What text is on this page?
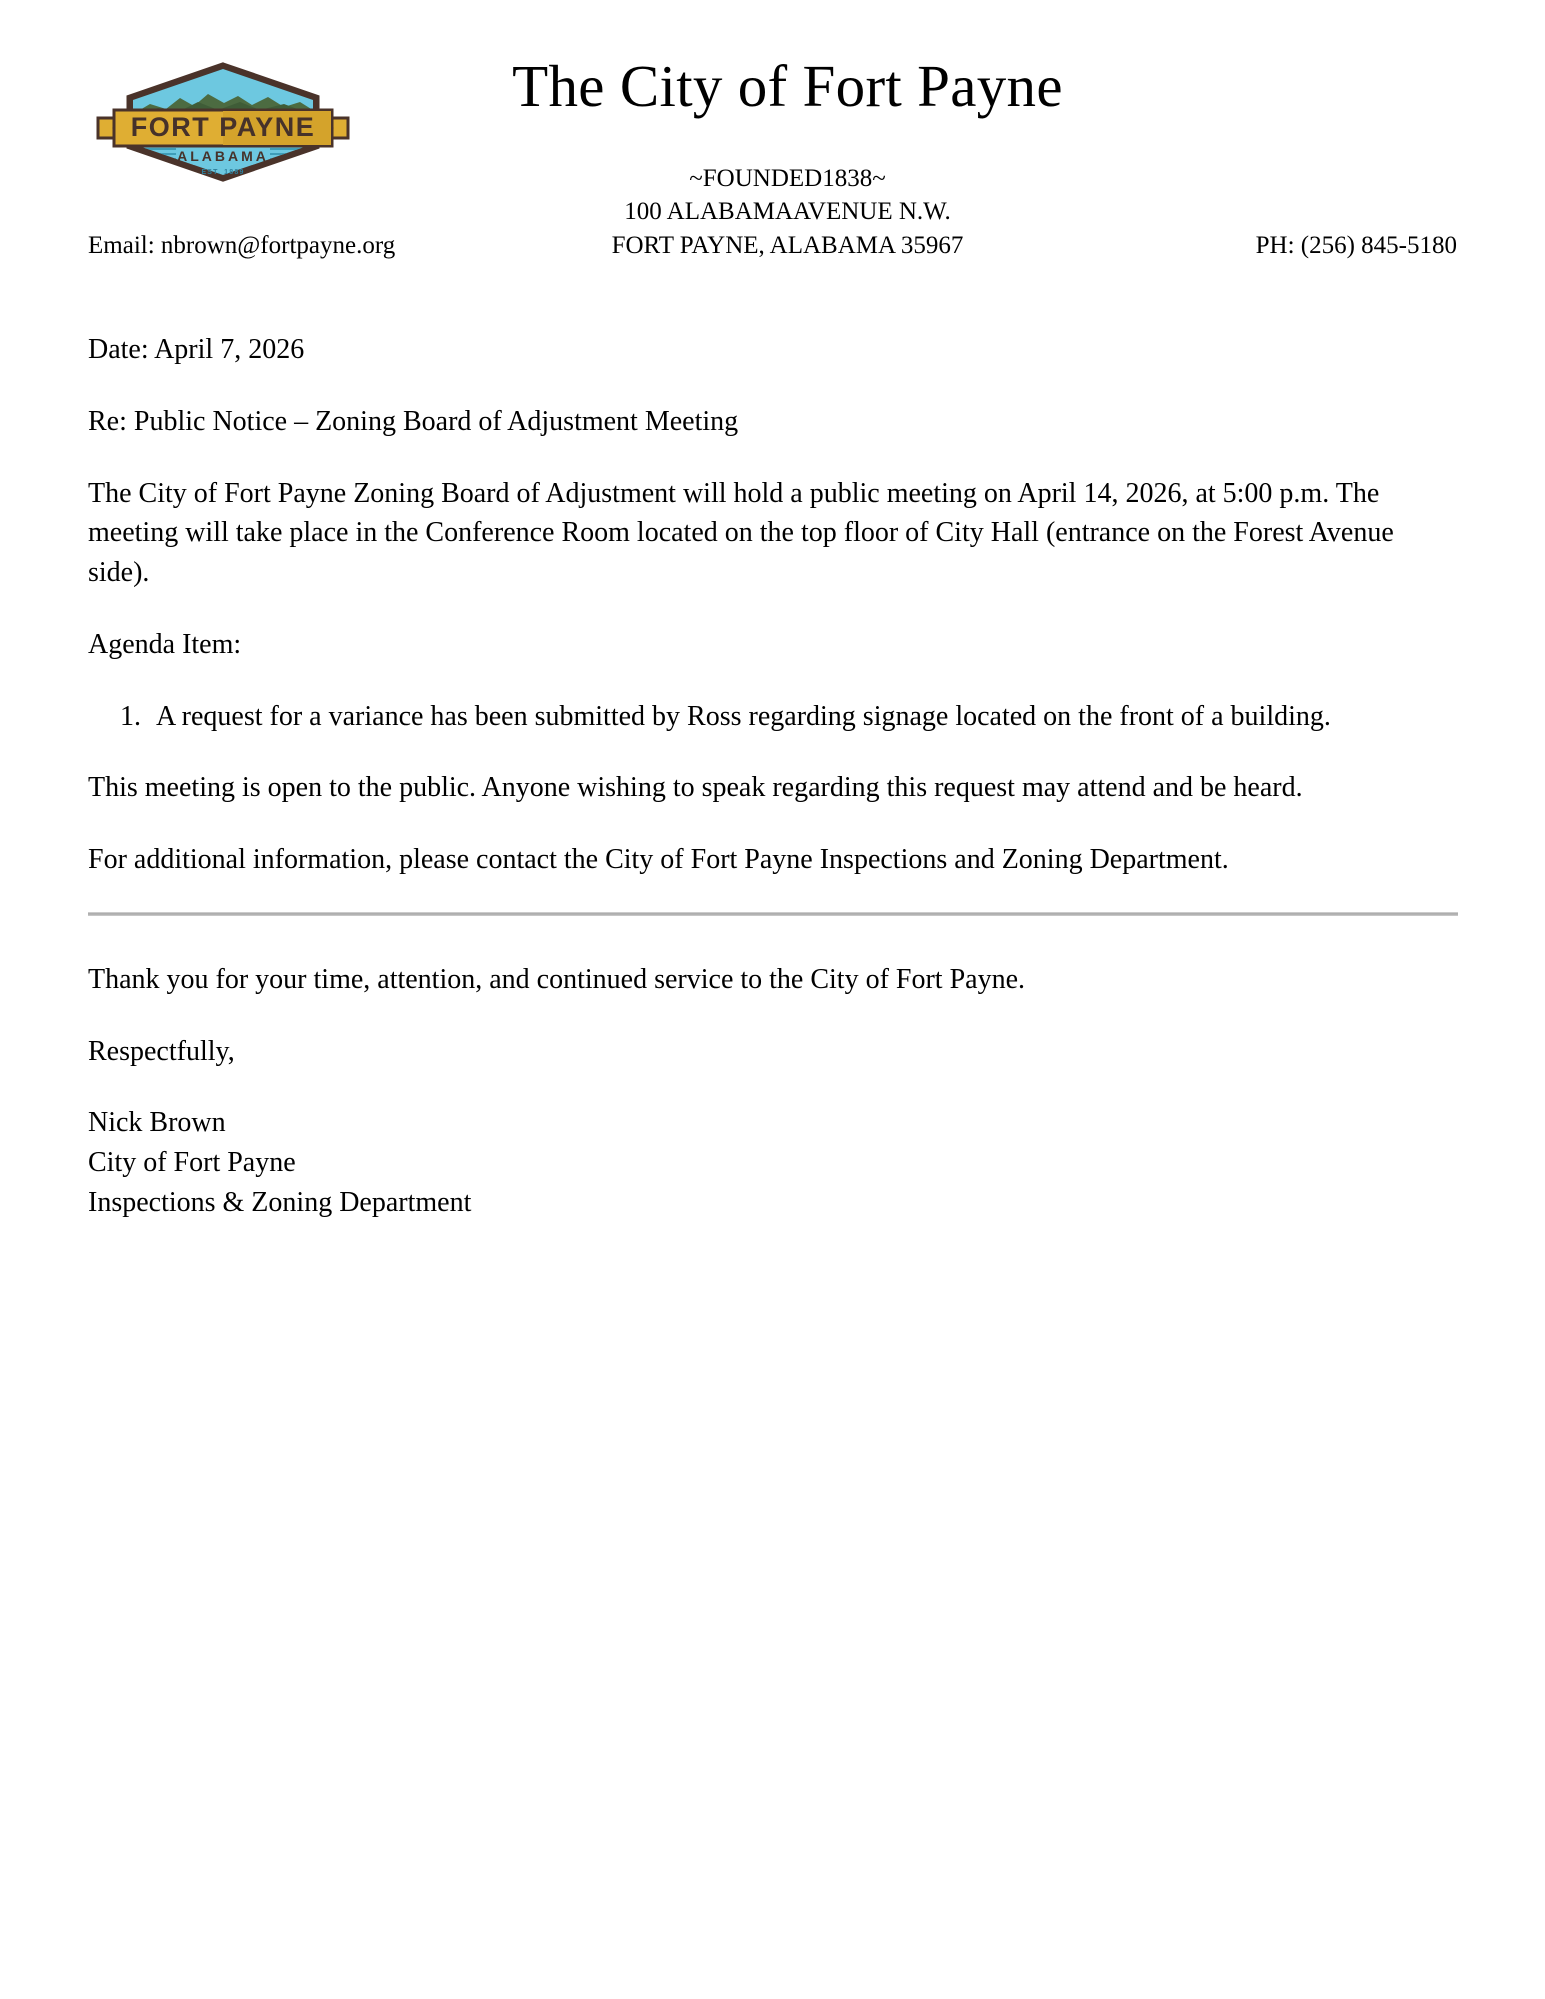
FORT PAYNE
ALABAMA
EST. 1889
The City of Fort Payne
~FOUNDED1838~
100 ALABAMAAVENUE N.W.
FORT PAYNE, ALABAMA 35967
Email: nbrown@fortpayne.org	PH: (256) 845-5180

Date: April 7, 2026

Re: Public Notice – Zoning Board of Adjustment Meeting

The City of Fort Payne Zoning Board of Adjustment will hold a public meeting on April 14, 2026, at 5:00 p.m. The meeting will take place in the Conference Room located on the top floor of City Hall (entrance on the Forest Avenue side).

Agenda Item:

1. A request for a variance has been submitted by Ross regarding signage located on the front of a building.

This meeting is open to the public. Anyone wishing to speak regarding this request may attend and be heard.

For additional information, please contact the City of Fort Payne Inspections and Zoning Department.

Thank you for your time, attention, and continued service to the City of Fort Payne.

Respectfully,

Nick Brown

City of Fort Payne

Inspections & Zoning Department
